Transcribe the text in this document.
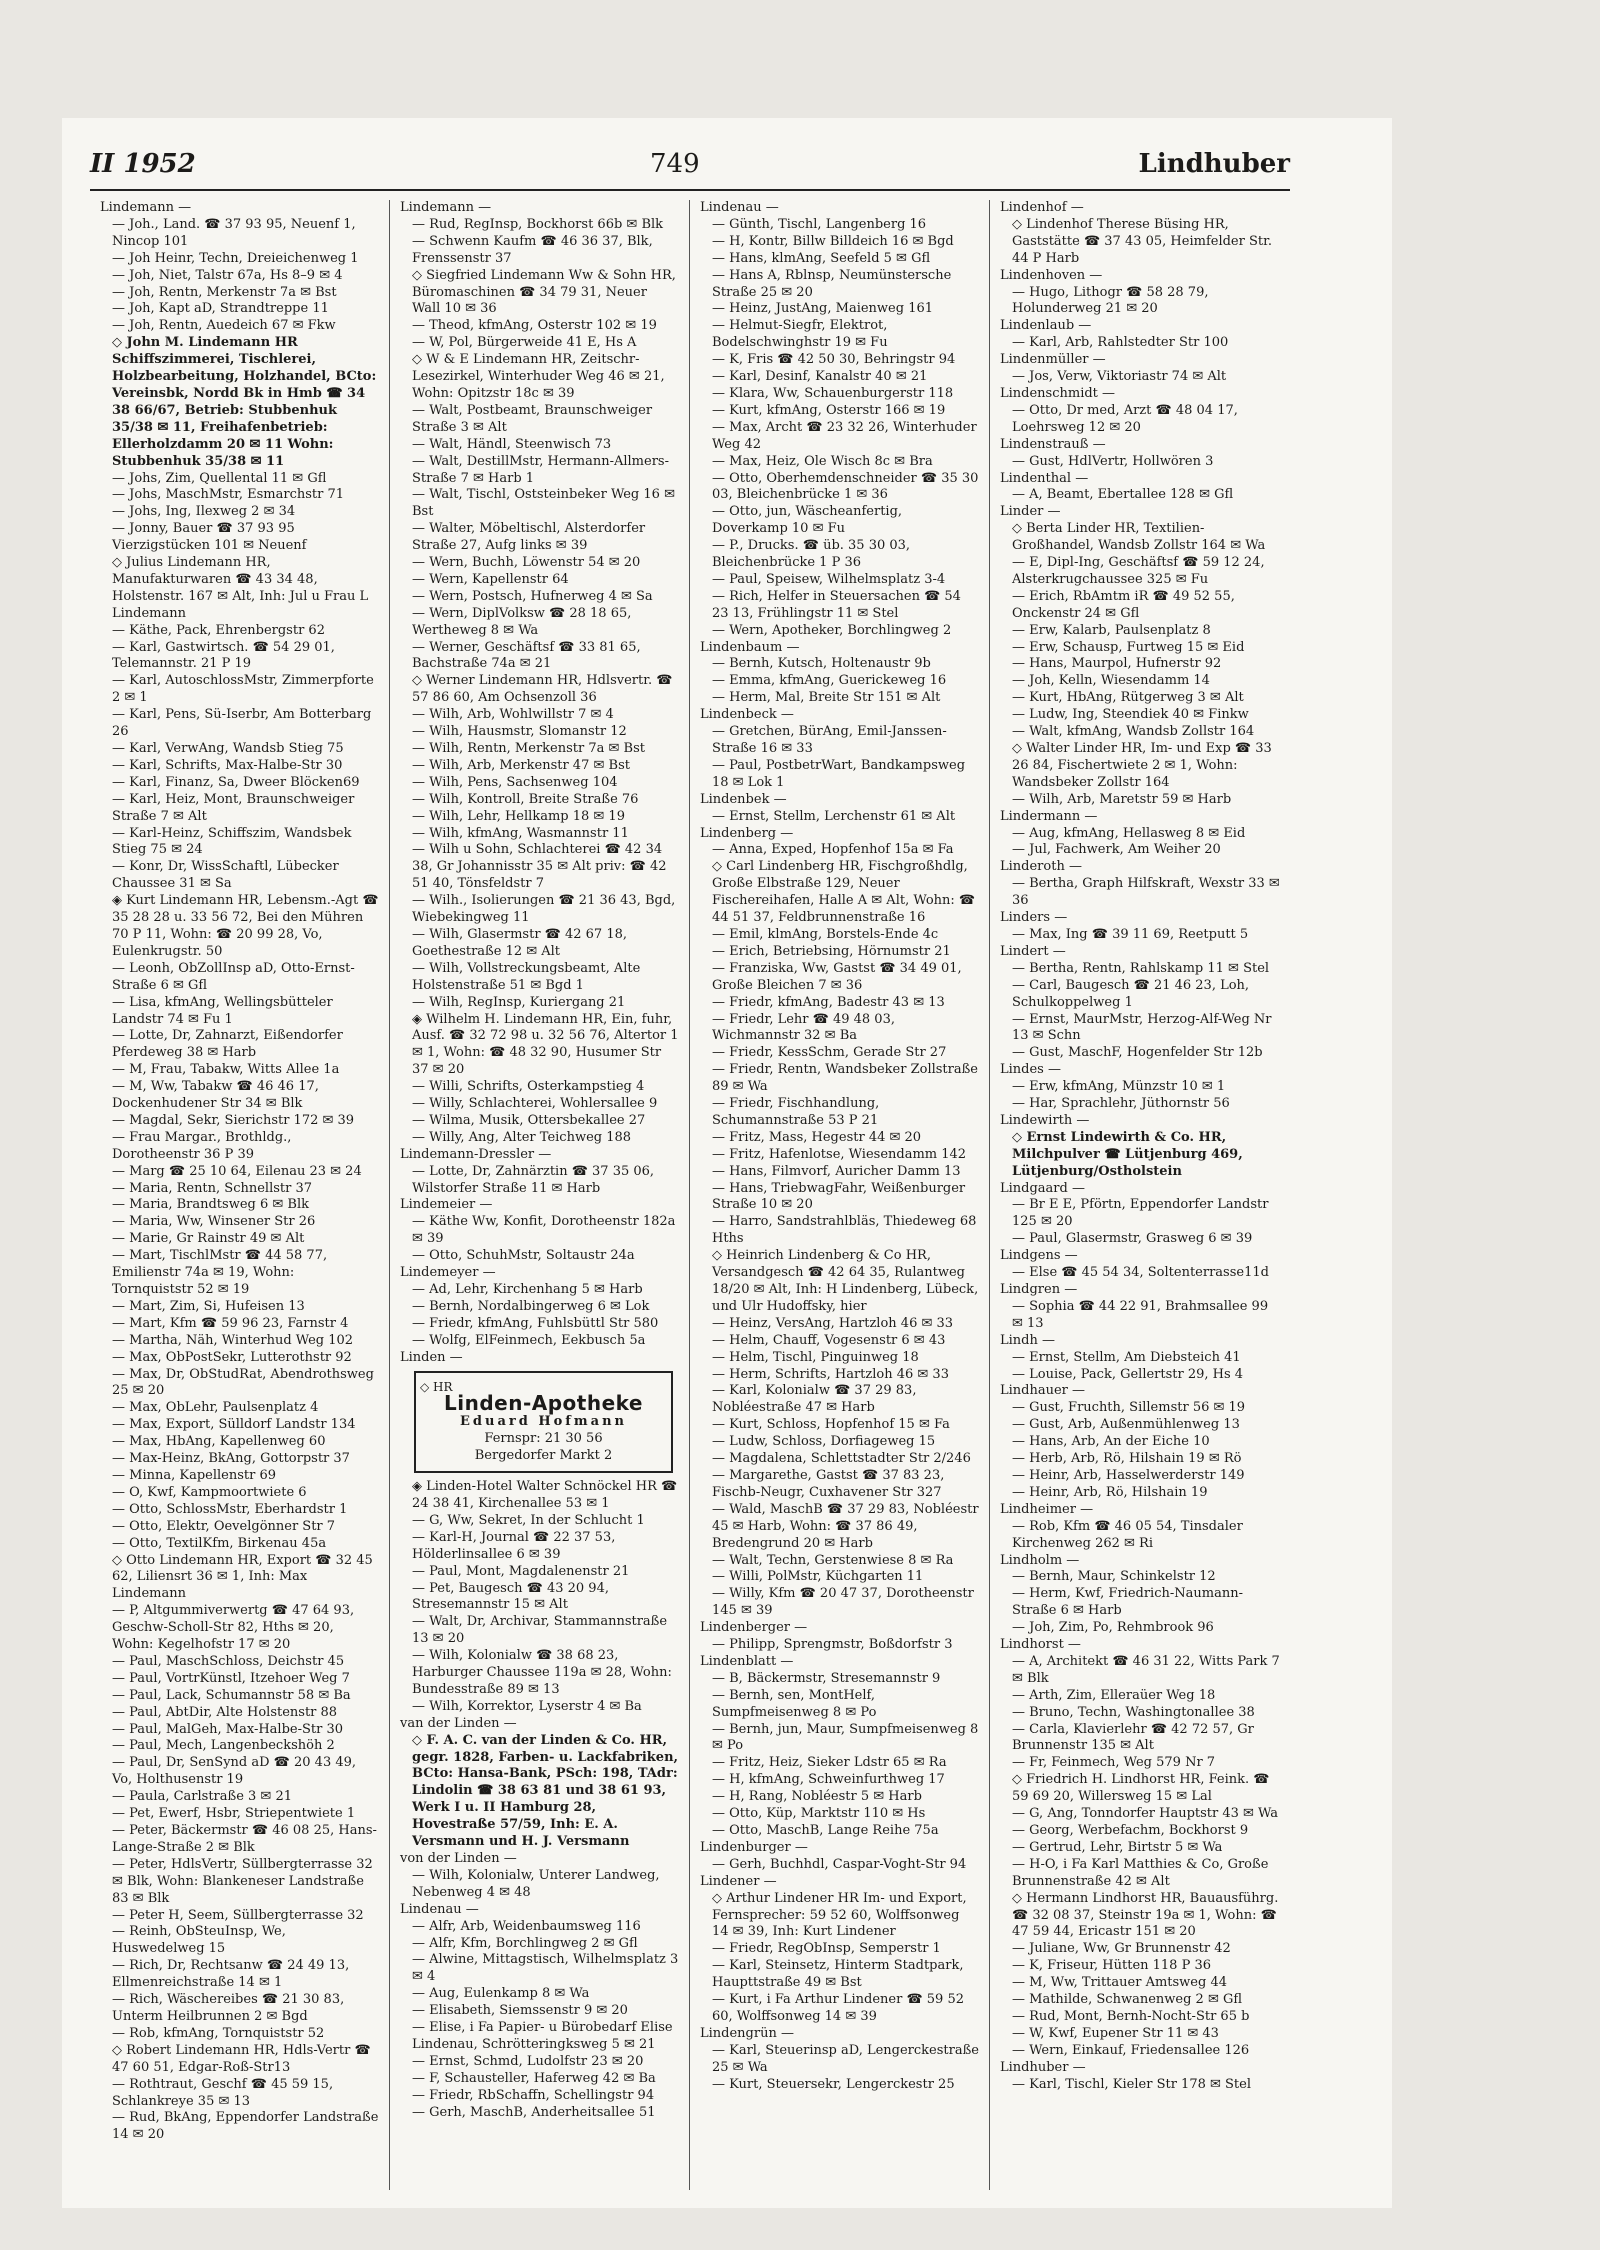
II 1952	749	Lindhuber
Lindemann —
— Joh., Land. ☎ 37 93 95, Neuenf 1, Nincop 101
— Joh Heinr, Techn, Dreieichenweg 1
— Joh, Niet, Talstr 67a, Hs 8–9 ✉ 4
— Joh, Rentn, Merkenstr 7a ✉ Bst
— Joh, Kapt aD, Strandtreppe 11
— Joh, Rentn, Auedeich 67 ✉ Fkw
◇ John M. Lindemann HR Schiffszimmerei, Tischlerei, Holzbearbeitung, Holzhandel, BCto: Vereinsbk, Nordd Bk in Hmb ☎ 34 38 66/67, Betrieb: Stubbenhuk 35/38 ✉ 11, Freihafenbetrieb: Ellerholzdamm 20 ✉ 11 Wohn: Stubbenhuk 35/38 ✉ 11
— Johs, Zim, Quellental 11 ✉ Gfl
— Johs, MaschMstr, Esmarchstr 71
— Johs, Ing, Ilexweg 2 ✉ 34
— Jonny, Bauer ☎ 37 93 95 Vierzigstücken 101 ✉ Neuenf
◇ Julius Lindemann HR, Manufakturwaren ☎ 43 34 48, Holstenstr. 167 ✉ Alt, Inh: Jul u Frau L Lindemann
— Käthe, Pack, Ehrenbergstr 62
— Karl, Gastwirtsch. ☎ 54 29 01, Telemannstr. 21 P 19
— Karl, AutoschlossMstr, Zimmerpforte 2 ✉ 1
— Karl, Pens, Sü-Iserbr, Am Botterbarg 26
— Karl, VerwAng, Wandsb Stieg 75
— Karl, Schrifts, Max-Halbe-Str 30
— Karl, Finanz, Sa, Dweer Blöcken69
— Karl, Heiz, Mont, Braunschweiger Straße 7 ✉ Alt
— Karl-Heinz, Schiffszim, Wandsbek Stieg 75 ✉ 24
— Konr, Dr, WissSchaftl, Lübecker Chaussee 31 ✉ Sa
◈ Kurt Lindemann HR, Lebensm.-Agt ☎ 35 28 28 u. 33 56 72, Bei den Mühren 70 P 11, Wohn: ☎ 20 99 28, Vo, Eulenkrugstr. 50
— Leonh, ObZollInsp aD, Otto-Ernst-Straße 6 ✉ Gfl
— Lisa, kfmAng, Wellingsbütteler Landstr 74 ✉ Fu 1
— Lotte, Dr, Zahnarzt, Eißendorfer Pferdeweg 38 ✉ Harb
— M, Frau, Tabakw, Witts Allee 1a
— M, Ww, Tabakw ☎ 46 46 17, Dockenhudener Str 34 ✉ Blk
— Magdal, Sekr, Sierichstr 172 ✉ 39
— Frau Margar., Brothldg., Dorotheenstr 36 P 39
— Marg ☎ 25 10 64, Eilenau 23 ✉ 24
— Maria, Rentn, Schnellstr 37
— Maria, Brandtsweg 6 ✉ Blk
— Maria, Ww, Winsener Str 26
— Marie, Gr Rainstr 49 ✉ Alt
— Mart, TischlMstr ☎ 44 58 77, Emilienstr 74a ✉ 19, Wohn: Tornquiststr 52 ✉ 19
— Mart, Zim, Si, Hufeisen 13
— Mart, Kfm ☎ 59 96 23, Farnstr 4
— Martha, Näh, Winterhud Weg 102
— Max, ObPostSekr, Lutterothstr 92
— Max, Dr, ObStudRat, Abendrothsweg 25 ✉ 20
— Max, ObLehr, Paulsenplatz 4
— Max, Export, Sülldorf Landstr 134
— Max, HbAng, Kapellenweg 60
— Max-Heinz, BkAng, Gottorpstr 37
— Minna, Kapellenstr 69
— O, Kwf, Kampmoortwiete 6
— Otto, SchlossMstr, Eberhardstr 1
— Otto, Elektr, Oevelgönner Str 7
— Otto, TextilKfm, Birkenau 45a
◇ Otto Lindemann HR, Export ☎ 32 45 62, Liliensrt 36 ✉ 1, Inh: Max Lindemann
— P, Altgummiverwertg ☎ 47 64 93, Geschw-Scholl-Str 82, Hths ✉ 20, Wohn: Kegelhofstr 17 ✉ 20
— Paul, MaschSchloss, Deichstr 45
— Paul, VortrKünstl, Itzehoer Weg 7
— Paul, Lack, Schumannstr 58 ✉ Ba
— Paul, AbtDir, Alte Holstenstr 88
— Paul, MalGeh, Max-Halbe-Str 30
— Paul, Mech, Langenbeckshöh 2
— Paul, Dr, SenSynd aD ☎ 20 43 49, Vo, Holthusenstr 19
— Paula, Carlstraße 3 ✉ 21
— Pet, Ewerf, Hsbr, Striepentwiete 1
— Peter, Bäckermstr ☎ 46 08 25, Hans-Lange-Straße 2 ✉ Blk
— Peter, HdlsVertr, Süllbergterrasse 32 ✉ Blk, Wohn: Blankeneser Landstraße 83 ✉ Blk
— Peter H, Seem, Süllbergterrasse 32
— Reinh, ObSteuInsp, We, Huswedelweg 15
— Rich, Dr, Rechtsanw ☎ 24 49 13, Ellmenreichstraße 14 ✉ 1
— Rich, Wäschereibes ☎ 21 30 83, Unterm Heilbrunnen 2 ✉ Bgd
— Rob, kfmAng, Tornquiststr 52
◇ Robert Lindemann HR, Hdls-Vertr ☎ 47 60 51, Edgar-Roß-Str13
— Rothtraut, Geschf ☎ 45 59 15, Schlankreye 35 ✉ 13
— Rud, BkAng, Eppendorfer Landstraße 14 ✉ 20
Lindemann —
— Rud, RegInsp, Bockhorst 66b ✉ Blk
— Schwenn Kaufm ☎ 46 36 37, Blk, Frenssenstr 37
◇ Siegfried Lindemann Ww & Sohn HR, Büromaschinen ☎ 34 79 31, Neuer Wall 10 ✉ 36
— Theod, kfmAng, Osterstr 102 ✉ 19
— W, Pol, Bürgerweide 41 E, Hs A
◇ W & E Lindemann HR, Zeitschr-Lesezirkel, Winterhuder Weg 46 ✉ 21, Wohn: Opitzstr 18c ✉ 39
— Walt, Postbeamt, Braunschweiger Straße 3 ✉ Alt
— Walt, Händl, Steenwisch 73
— Walt, DestillMstr, Hermann-Allmers-Straße 7 ✉ Harb 1
— Walt, Tischl, Oststeinbeker Weg 16 ✉ Bst
— Walter, Möbeltischl, Alsterdorfer Straße 27, Aufg links ✉ 39
— Wern, Buchh, Löwenstr 54 ✉ 20
— Wern, Kapellenstr 64
— Wern, Postsch, Hufnerweg 4 ✉ Sa
— Wern, DiplVolksw ☎ 28 18 65, Wertheweg 8 ✉ Wa
— Werner, Geschäftsf ☎ 33 81 65, Bachstraße 74a ✉ 21
◇ Werner Lindemann HR, Hdlsvertr. ☎ 57 86 60, Am Ochsenzoll 36
— Wilh, Arb, Wohlwillstr 7 ✉ 4
— Wilh, Hausmstr, Slomanstr 12
— Wilh, Rentn, Merkenstr 7a ✉ Bst
— Wilh, Arb, Merkenstr 47 ✉ Bst
— Wilh, Pens, Sachsenweg 104
— Wilh, Kontroll, Breite Straße 76
— Wilh, Lehr, Hellkamp 18 ✉ 19
— Wilh, kfmAng, Wasmannstr 11
— Wilh u Sohn, Schlachterei ☎ 42 34 38, Gr Johannisstr 35 ✉ Alt priv: ☎ 42 51 40, Tönsfeldstr 7
— Wilh., Isolierungen ☎ 21 36 43, Bgd, Wiebekingweg 11
— Wilh, Glasermstr ☎ 42 67 18, Goethestraße 12 ✉ Alt
— Wilh, Vollstreckungsbeamt, Alte Holstenstraße 51 ✉ Bgd 1
— Wilh, RegInsp, Kuriergang 21
◈ Wilhelm H. Lindemann HR, Ein, fuhr, Ausf. ☎ 32 72 98 u. 32 56 76, Altertor 1 ✉ 1, Wohn: ☎ 48 32 90, Husumer Str 37 ✉ 20
— Willi, Schrifts, Osterkampstieg 4
— Willy, Schlachterei, Wohlersallee 9
— Wilma, Musik, Ottersbekallee 27
— Willy, Ang, Alter Teichweg 188
Lindemann-Dressler —
— Lotte, Dr, Zahnärztin ☎ 37 35 06, Wilstorfer Straße 11 ✉ Harb
Lindemeier —
— Käthe Ww, Konfit, Dorotheenstr 182a ✉ 39
— Otto, SchuhMstr, Soltaustr 24a
Lindemeyer —
— Ad, Lehr, Kirchenhang 5 ✉ Harb
— Bernh, Nordalbingerweg 6 ✉ Lok
— Friedr, kfmAng, Fuhlsbüttl Str 580
— Wolfg, ElFeinmech, Eekbusch 5a
Linden —
◇ HR
Linden-Apotheke
Eduard Hofmann
Fernspr: 21 30 56
Bergedorfer Markt 2
◈ Linden-Hotel Walter Schnöckel HR ☎ 24 38 41, Kirchenallee 53 ✉ 1
— G, Ww, Sekret, In der Schlucht 1
— Karl-H, Journal ☎ 22 37 53, Hölderlinsallee 6 ✉ 39
— Paul, Mont, Magdalenenstr 21
— Pet, Baugesch ☎ 43 20 94, Stresemannstr 15 ✉ Alt
— Walt, Dr, Archivar, Stammannstraße 13 ✉ 20
— Wilh, Kolonialw ☎ 38 68 23, Harburger Chaussee 119a ✉ 28, Wohn: Bundesstraße 89 ✉ 13
— Wilh, Korrektor, Lyserstr 4 ✉ Ba
van der Linden —
◇ F. A. C. van der Linden & Co. HR, gegr. 1828, Farben- u. Lackfabriken, BCto: Hansa-Bank, PSch: 198, TAdr: Lindolin ☎ 38 63 81 und 38 61 93, Werk I u. II Hamburg 28, Hovestraße 57/59, Inh: E. A. Versmann und H. J. Versmann
von der Linden —
— Wilh, Kolonialw, Unterer Landweg, Nebenweg 4 ✉ 48
Lindenau —
— Alfr, Arb, Weidenbaumsweg 116
— Alfr, Kfm, Borchlingweg 2 ✉ Gfl
— Alwine, Mittagstisch, Wilhelmsplatz 3 ✉ 4
— Aug, Eulenkamp 8 ✉ Wa
— Elisabeth, Siemssenstr 9 ✉ 20
— Elise, i Fa Papier- u Bürobedarf Elise Lindenau, Schrötteringksweg 5 ✉ 21
— Ernst, Schmd, Ludolfstr 23 ✉ 20
— F, Schausteller, Haferweg 42 ✉ Ba
— Friedr, RbSchaffn, Schellingstr 94
— Gerh, MaschB, Anderheitsallee 51
Lindenau —
— Günth, Tischl, Langenberg 16
— H, Kontr, Billw Billdeich 16 ✉ Bgd
— Hans, klmAng, Seefeld 5 ✉ Gfl
— Hans A, Rblnsp, Neumünstersche Straße 25 ✉ 20
— Heinz, JustAng, Maienweg 161
— Helmut-Siegfr, Elektrot, Bodelschwinghstr 19 ✉ Fu
— K, Fris ☎ 42 50 30, Behringstr 94
— Karl, Desinf, Kanalstr 40 ✉ 21
— Klara, Ww, Schauenburgerstr 118
— Kurt, kfmAng, Osterstr 166 ✉ 19
— Max, Archt ☎ 23 32 26, Winterhuder Weg 42
— Max, Heiz, Ole Wisch 8c ✉ Bra
— Otto, Oberhemdenschneider ☎ 35 30 03, Bleichenbrücke 1 ✉ 36
— Otto, jun, Wäscheanfertig, Doverkamp 10 ✉ Fu
— P., Drucks. ☎ üb. 35 30 03, Bleichenbrücke 1 P 36
— Paul, Speisew, Wilhelmsplatz 3-4
— Rich, Helfer in Steuersachen ☎ 54 23 13, Frühlingstr 11 ✉ Stel
— Wern, Apotheker, Borchlingweg 2
Lindenbaum —
— Bernh, Kutsch, Holtenaustr 9b
— Emma, kfmAng, Guerickeweg 16
— Herm, Mal, Breite Str 151 ✉ Alt
Lindenbeck —
— Gretchen, BürAng, Emil-Janssen-Straße 16 ✉ 33
— Paul, PostbetrWart, Bandkampsweg 18 ✉ Lok 1
Lindenbek —
— Ernst, Stellm, Lerchenstr 61 ✉ Alt
Lindenberg —
— Anna, Exped, Hopfenhof 15a ✉ Fa
◇ Carl Lindenberg HR, Fischgroßhdlg, Große Elbstraße 129, Neuer Fischereihafen, Halle A ✉ Alt, Wohn: ☎ 44 51 37, Feldbrunnenstraße 16
— Emil, klmAng, Borstels-Ende 4c
— Erich, Betriebsing, Hörnumstr 21
— Franziska, Ww, Gastst ☎ 34 49 01, Große Bleichen 7 ✉ 36
— Friedr, kfmAng, Badestr 43 ✉ 13
— Friedr, Lehr ☎ 49 48 03, Wichmannstr 32 ✉ Ba
— Friedr, KessSchm, Gerade Str 27
— Friedr, Rentn, Wandsbeker Zollstraße 89 ✉ Wa
— Friedr, Fischhandlung, Schumannstraße 53 P 21
— Fritz, Mass, Hegestr 44 ✉ 20
— Fritz, Hafenlotse, Wiesendamm 142
— Hans, Filmvorf, Auricher Damm 13
— Hans, TriebwagFahr, Weißenburger Straße 10 ✉ 20
— Harro, Sandstrahlbläs, Thiedeweg 68 Hths
◇ Heinrich Lindenberg & Co HR, Versandgesch ☎ 42 64 35, Rulantweg 18/20 ✉ Alt, Inh: H Lindenberg, Lübeck, und Ulr Hudoffsky, hier
— Heinz, VersAng, Hartzloh 46 ✉ 33
— Helm, Chauff, Vogesenstr 6 ✉ 43
— Helm, Tischl, Pinguinweg 18
— Herm, Schrifts, Hartzloh 46 ✉ 33
— Karl, Kolonialw ☎ 37 29 83, Nobléestraße 47 ✉ Harb
— Kurt, Schloss, Hopfenhof 15 ✉ Fa
— Ludw, Schloss, Dorfiageweg 15
— Magdalena, Schlettstadter Str 2/246
— Margarethe, Gastst ☎ 37 83 23, Fischb-Neugr, Cuxhavener Str 327
— Wald, MaschB ☎ 37 29 83, Nobléestr 45 ✉ Harb, Wohn: ☎ 37 86 49, Bredengrund 20 ✉ Harb
— Walt, Techn, Gerstenwiese 8 ✉ Ra
— Willi, PolMstr, Küchgarten 11
— Willy, Kfm ☎ 20 47 37, Dorotheenstr 145 ✉ 39
Lindenberger —
— Philipp, Sprengmstr, Boßdorfstr 3
Lindenblatt —
— B, Bäckermstr, Stresemannstr 9
— Bernh, sen, MontHelf, Sumpfmeisenweg 8 ✉ Po
— Bernh, jun, Maur, Sumpfmeisenweg 8 ✉ Po
— Fritz, Heiz, Sieker Ldstr 65 ✉ Ra
— H, kfmAng, Schweinfurthweg 17
— H, Rang, Nobléestr 5 ✉ Harb
— Otto, Küp, Marktstr 110 ✉ Hs
— Otto, MaschB, Lange Reihe 75a
Lindenburger —
— Gerh, Buchhdl, Caspar-Voght-Str 94
Lindener —
◇ Arthur Lindener HR Im- und Export, Fernsprecher: 59 52 60, Wolffsonweg 14 ✉ 39, Inh: Kurt Lindener
— Friedr, RegObInsp, Semperstr 1
— Karl, Steinsetz, Hinterm Stadtpark, Haupttstraße 49 ✉ Bst
— Kurt, i Fa Arthur Lindener ☎ 59 52 60, Wolffsonweg 14 ✉ 39
Lindengrün —
— Karl, Steuerinsp aD, Lengerckestraße 25 ✉ Wa
— Kurt, Steuersekr, Lengerckestr 25
Lindenhof —
◇ Lindenhof Therese Büsing HR, Gaststätte ☎ 37 43 05, Heimfelder Str. 44 P Harb
Lindenhoven —
— Hugo, Lithogr ☎ 58 28 79, Holunderweg 21 ✉ 20
Lindenlaub —
— Karl, Arb, Rahlstedter Str 100
Lindenmüller —
— Jos, Verw, Viktoriastr 74 ✉ Alt
Lindenschmidt —
— Otto, Dr med, Arzt ☎ 48 04 17, Loehrsweg 12 ✉ 20
Lindenstrauß —
— Gust, HdlVertr, Hollwören 3
Lindenthal —
— A, Beamt, Ebertallee 128 ✉ Gfl
Linder —
◇ Berta Linder HR, Textilien-Großhandel, Wandsb Zollstr 164 ✉ Wa
— E, Dipl-Ing, Geschäftsf ☎ 59 12 24, Alsterkrugchaussee 325 ✉ Fu
— Erich, RbAmtm iR ☎ 49 52 55, Onckenstr 24 ✉ Gfl
— Erw, Kalarb, Paulsenplatz 8
— Erw, Schausp, Furtweg 15 ✉ Eid
— Hans, Maurpol, Hufnerstr 92
— Joh, Kelln, Wiesendamm 14
— Kurt, HbAng, Rütgerweg 3 ✉ Alt
— Ludw, Ing, Steendiek 40 ✉ Finkw
— Walt, kfmAng, Wandsb Zollstr 164
◇ Walter Linder HR, Im- und Exp ☎ 33 26 84, Fischertwiete 2 ✉ 1, Wohn: Wandsbeker Zollstr 164
— Wilh, Arb, Maretstr 59 ✉ Harb
Lindermann —
— Aug, kfmAng, Hellasweg 8 ✉ Eid
— Jul, Fachwerk, Am Weiher 20
Linderoth —
— Bertha, Graph Hilfskraft, Wexstr 33 ✉ 36
Linders —
— Max, Ing ☎ 39 11 69, Reetputt 5
Lindert —
— Bertha, Rentn, Rahlskamp 11 ✉ Stel
— Carl, Baugesch ☎ 21 46 23, Loh, Schulkoppelweg 1
— Ernst, MaurMstr, Herzog-Alf-Weg Nr 13 ✉ Schn
— Gust, MaschF, Hogenfelder Str 12b
Lindes —
— Erw, kfmAng, Münzstr 10 ✉ 1
— Har, Sprachlehr, Jüthornstr 56
Lindewirth —
◇ Ernst Lindewirth & Co. HR, Milchpulver ☎ Lütjenburg 469, Lütjenburg/Ostholstein
Lindgaard —
— Br E E, Pförtn, Eppendorfer Landstr 125 ✉ 20
— Paul, Glasermstr, Grasweg 6 ✉ 39
Lindgens —
— Else ☎ 45 54 34, Soltenterrasse11d
Lindgren —
— Sophia ☎ 44 22 91, Brahmsallee 99 ✉ 13
Lindh —
— Ernst, Stellm, Am Diebsteich 41
— Louise, Pack, Gellertstr 29, Hs 4
Lindhauer —
— Gust, Fruchth, Sillemstr 56 ✉ 19
— Gust, Arb, Außenmühlenweg 13
— Hans, Arb, An der Eiche 10
— Herb, Arb, Rö, Hilshain 19 ✉ Rö
— Heinr, Arb, Hasselwerderstr 149
— Heinr, Arb, Rö, Hilshain 19
Lindheimer —
— Rob, Kfm ☎ 46 05 54, Tinsdaler Kirchenweg 262 ✉ Ri
Lindholm —
— Bernh, Maur, Schinkelstr 12
— Herm, Kwf, Friedrich-Naumann-Straße 6 ✉ Harb
— Joh, Zim, Po, Rehmbrook 96
Lindhorst —
— A, Architekt ☎ 46 31 22, Witts Park 7 ✉ Blk
— Arth, Zim, Elleraüer Weg 18
— Bruno, Techn, Washingtonallee 38
— Carla, Klavierlehr ☎ 42 72 57, Gr Brunnenstr 135 ✉ Alt
— Fr, Feinmech, Weg 579 Nr 7
◇ Friedrich H. Lindhorst HR, Feink. ☎ 59 69 20, Willersweg 15 ✉ Lal
— G, Ang, Tonndorfer Hauptstr 43 ✉ Wa
— Georg, Werbefachm, Bockhorst 9
— Gertrud, Lehr, Birtstr 5 ✉ Wa
— H-O, i Fa Karl Matthies & Co, Große Brunnenstraße 42 ✉ Alt
◇ Hermann Lindhorst HR, Bauausführg. ☎ 32 08 37, Steinstr 19a ✉ 1, Wohn: ☎ 47 59 44, Ericastr 151 ✉ 20
— Juliane, Ww, Gr Brunnenstr 42
— K, Friseur, Hütten 118 P 36
— M, Ww, Trittauer Amtsweg 44
— Mathilde, Schwanenweg 2 ✉ Gfl
— Rud, Mont, Bernh-Nocht-Str 65 b
— W, Kwf, Eupener Str 11 ✉ 43
— Wern, Einkauf, Friedensallee 126
Lindhuber —
— Karl, Tischl, Kieler Str 178 ✉ Stel
